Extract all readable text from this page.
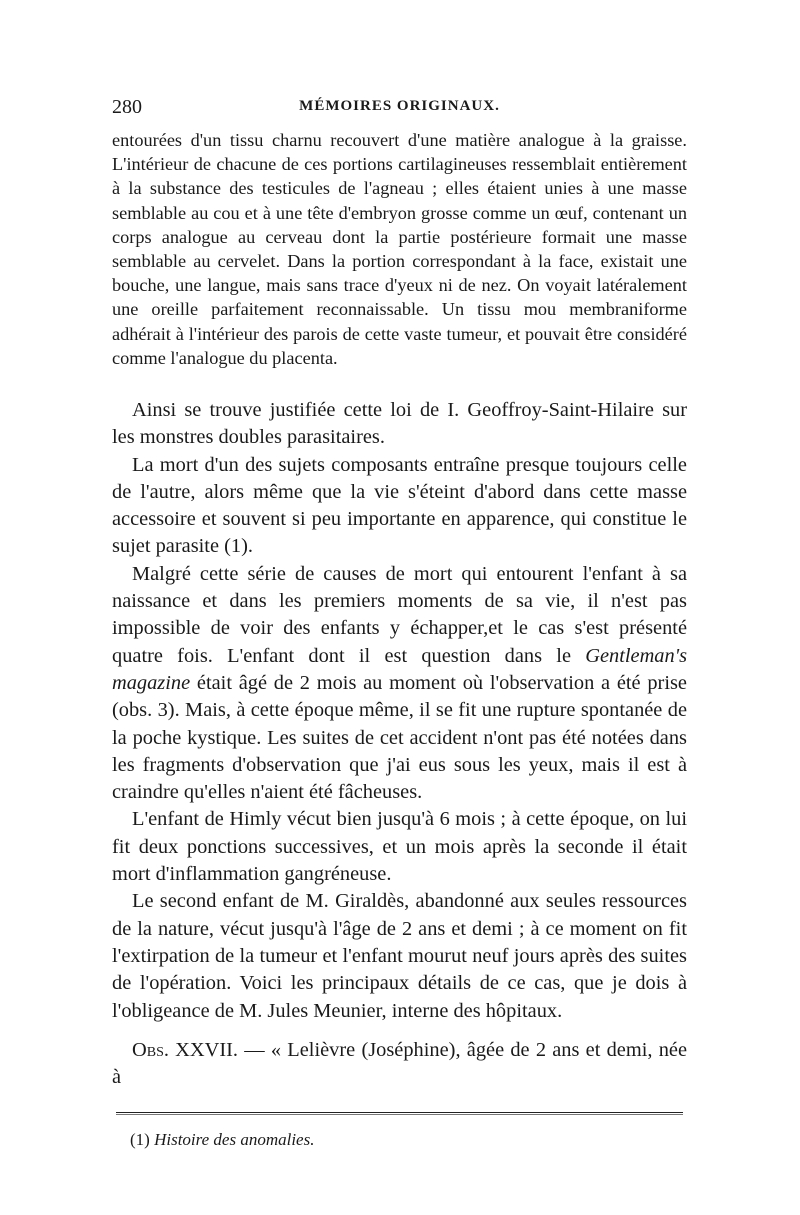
280	MÉMOIRES ORIGINAUX.

entourées d'un tissu charnu recouvert d'une matière analogue à la graisse. L'intérieur de chacune de ces portions cartilagineuses ressemblait entièrement à la substance des testicules de l'agneau ; elles étaient unies à une masse semblable au cou et à une tête d'embryon grosse comme un œuf, contenant un corps analogue au cerveau dont la partie postérieure formait une masse semblable au cervelet. Dans la portion correspondant à la face, existait une bouche, une langue, mais sans trace d'yeux ni de nez. On voyait latéralement une oreille parfaitement reconnaissable. Un tissu mou membraniforme adhérait à l'intérieur des parois de cette vaste tumeur, et pouvait être considéré comme l'analogue du placenta.

Ainsi se trouve justifiée cette loi de I. Geoffroy-Saint-Hilaire sur les monstres doubles parasitaires.

La mort d'un des sujets composants entraîne presque toujours celle de l'autre, alors même que la vie s'éteint d'abord dans cette masse accessoire et souvent si peu importante en apparence, qui constitue le sujet parasite (1).

Malgré cette série de causes de mort qui entourent l'enfant à sa naissance et dans les premiers moments de sa vie, il n'est pas impossible de voir des enfants y échapper,et le cas s'est présenté quatre fois. L'enfant dont il est question dans le Gentleman's magazine était âgé de 2 mois au moment où l'observation a été prise (obs. 3). Mais, à cette époque même, il se fit une rupture spontanée de la poche kystique. Les suites de cet accident n'ont pas été notées dans les fragments d'observation que j'ai eus sous les yeux, mais il est à craindre qu'elles n'aient été fâcheuses.

L'enfant de Himly vécut bien jusqu'à 6 mois ; à cette époque, on lui fit deux ponctions successives, et un mois après la seconde il était mort d'inflammation gangréneuse.

Le second enfant de M. Giraldès, abandonné aux seules ressources de la nature, vécut jusqu'à l'âge de 2 ans et demi ; à ce moment on fit l'extirpation de la tumeur et l'enfant mourut neuf jours après des suites de l'opération. Voici les principaux détails de ce cas, que je dois à l'obligeance de M. Jules Meunier, interne des hôpitaux.

Obs. XXVII. — « Lelièvre (Joséphine), âgée de 2 ans et demi, née à

(1) Histoire des anomalies.
